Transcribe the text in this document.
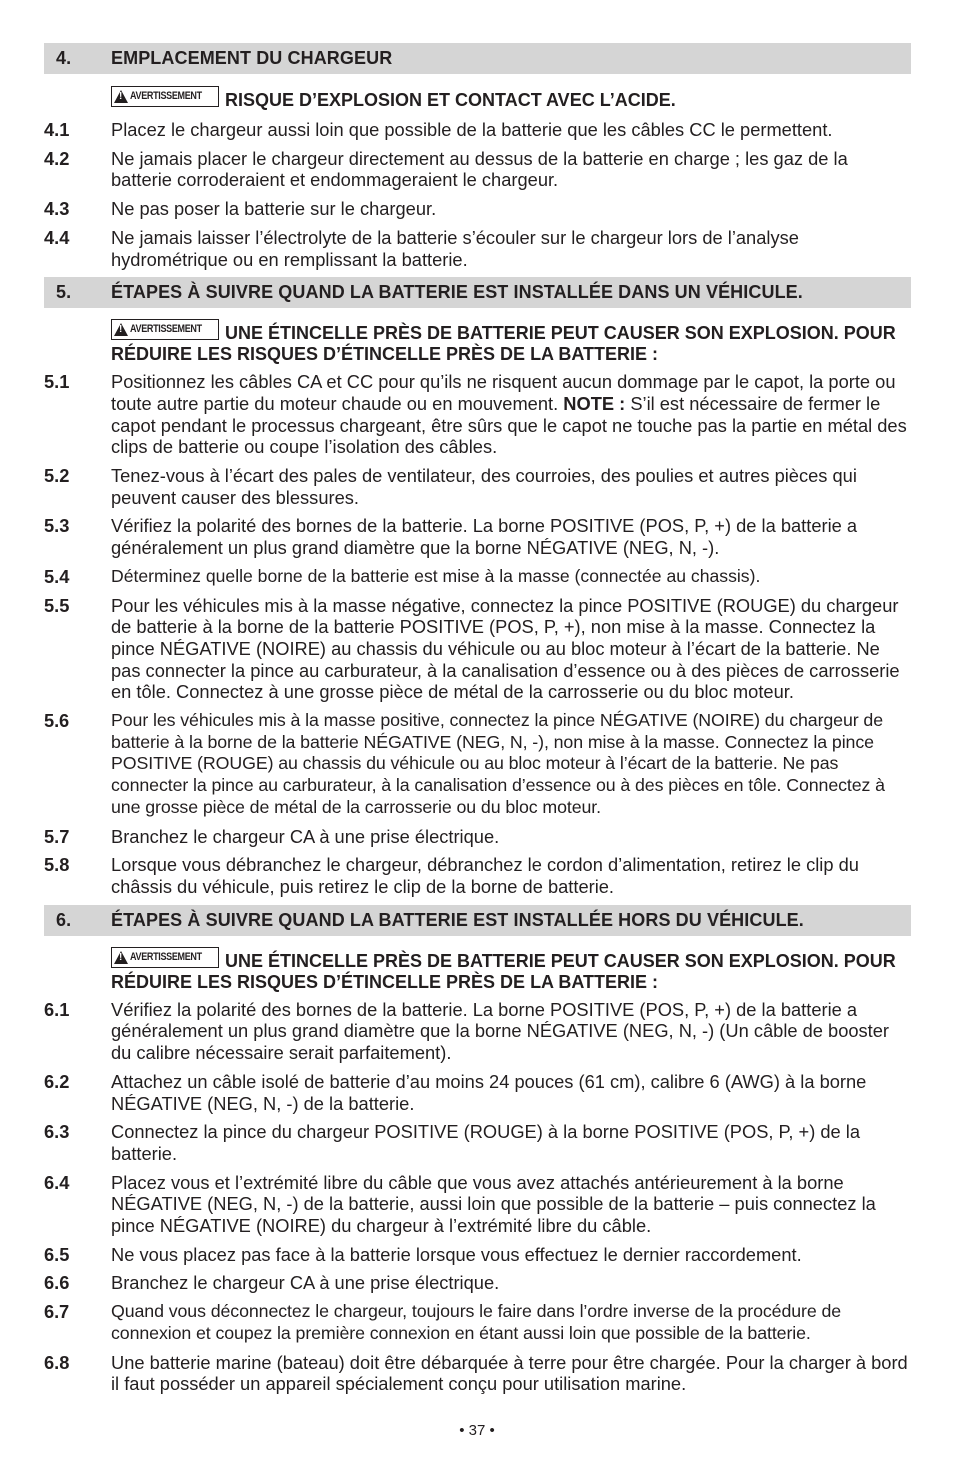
4.	EMPLACEMENT DU CHARGEUR
!
AVERTISSEMENT RISQUE D’EXPLOSION ET CONTACT AVEC L’ACIDE.
4.1	Placez le chargeur aussi loin que possible de la batterie que les câbles CC le permettent.
4.2	Ne jamais placer le chargeur directement au dessus de la batterie en charge ; les gaz de la batterie corroderaient et endommageraient le chargeur.
4.3	Ne pas poser la batterie sur le chargeur.
4.4	Ne jamais laisser l’électrolyte de la batterie s’écouler sur le chargeur lors de l’analyse hydrométrique ou en remplissant la batterie.
5.	ÉTAPES À SUIVRE QUAND LA BATTERIE EST INSTALLÉE DANS UN VÉHICULE.
!
AVERTISSEMENT UNE ÉTINCELLE PRÈS DE BATTERIE PEUT CAUSER SON EXPLOSION. POUR RÉDUIRE LES RISQUES D’ÉTINCELLE PRÈS DE LA BATTERIE :
5.1	Positionnez les câbles CA et CC pour qu’ils ne risquent aucun dommage par le capot, la porte ou toute autre partie du moteur chaude ou en mouvement. NOTE : S’il est nécessaire de fermer le capot pendant le processus chargeant, être sûrs que le capot ne touche pas la partie en métal des clips de batterie ou coupe l’isolation des câbles.
5.2	Tenez-vous à l’écart des pales de ventilateur, des courroies, des poulies et autres pièces qui peuvent causer des blessures.
5.3	Vérifiez la polarité des bornes de la batterie. La borne POSITIVE (POS, P, +) de la batterie a généralement un plus grand diamètre que la borne NÉGATIVE (NEG, N, -).
5.4	Déterminez quelle borne de la batterie est mise à la masse (connectée au chassis).
5.5	Pour les véhicules mis à la masse négative, connectez la pince POSITIVE (ROUGE) du chargeur de batterie à la borne de la batterie POSITIVE (POS, P, +), non mise à la masse. Connectez la pince NÉGATIVE (NOIRE) au chassis du véhicule ou au bloc moteur à l’écart de la batterie. Ne pas connecter la pince au carburateur, à la canalisation d’essence ou à des pièces de carrosserie en tôle. Connectez à une grosse pièce de métal de la carrosserie ou du bloc moteur.
5.6	Pour les véhicules mis à la masse positive, connectez la pince NÉGATIVE (NOIRE) du chargeur de batterie à la borne de la batterie NÉGATIVE (NEG, N, -), non mise à la masse. Connectez la pince POSITIVE (ROUGE) au chassis du véhicule ou au bloc moteur à l’écart de la batterie. Ne pas connecter la pince au carburateur, à la canalisation d’essence ou à des pièces en tôle. Connectez à une grosse pièce de métal de la carrosserie ou du bloc moteur.
5.7	Branchez le chargeur CA à une prise électrique.
5.8	Lorsque vous débranchez le chargeur, débranchez le cordon d’alimentation, retirez le clip du châssis du véhicule, puis retirez le clip de la borne de batterie.
6.	ÉTAPES À SUIVRE QUAND LA BATTERIE EST INSTALLÉE HORS DU VÉHICULE.
!
AVERTISSEMENT UNE ÉTINCELLE PRÈS DE BATTERIE PEUT CAUSER SON EXPLOSION. POUR RÉDUIRE LES RISQUES D’ÉTINCELLE PRÈS DE LA BATTERIE :
6.1	Vérifiez la polarité des bornes de la batterie. La borne POSITIVE (POS, P, +) de la batterie a généralement un plus grand diamètre que la borne NÉGATIVE (NEG, N, -) (Un câble de booster du calibre nécessaire serait parfaitement).
6.2	Attachez un câble isolé de batterie d’au moins 24 pouces (61 cm), calibre 6 (AWG) à la borne NÉGATIVE (NEG, N, -) de la batterie.
6.3	Connectez la pince du chargeur POSITIVE (ROUGE) à la borne POSITIVE (POS, P, +) de la batterie.
6.4	Placez vous et l’extrémité libre du câble que vous avez attachés antérieurement à la borne NÉGATIVE (NEG, N, -) de la batterie, aussi loin que possible de la batterie – puis connectez la pince NÉGATIVE (NOIRE) du chargeur à l’extrémité libre du câble.
6.5	Ne vous placez pas face à la batterie lorsque vous effectuez le dernier raccordement.
6.6	Branchez le chargeur CA à une prise électrique.
6.7	Quand vous déconnectez le chargeur, toujours le faire dans l’ordre inverse de la procédure de connexion et coupez la première connexion en étant aussi loin que possible de la batterie.
6.8	Une batterie marine (bateau) doit être débarquée à terre pour être chargée. Pour la charger à bord il faut posséder un appareil spécialement conçu pour utilisation marine.
• 37 •
